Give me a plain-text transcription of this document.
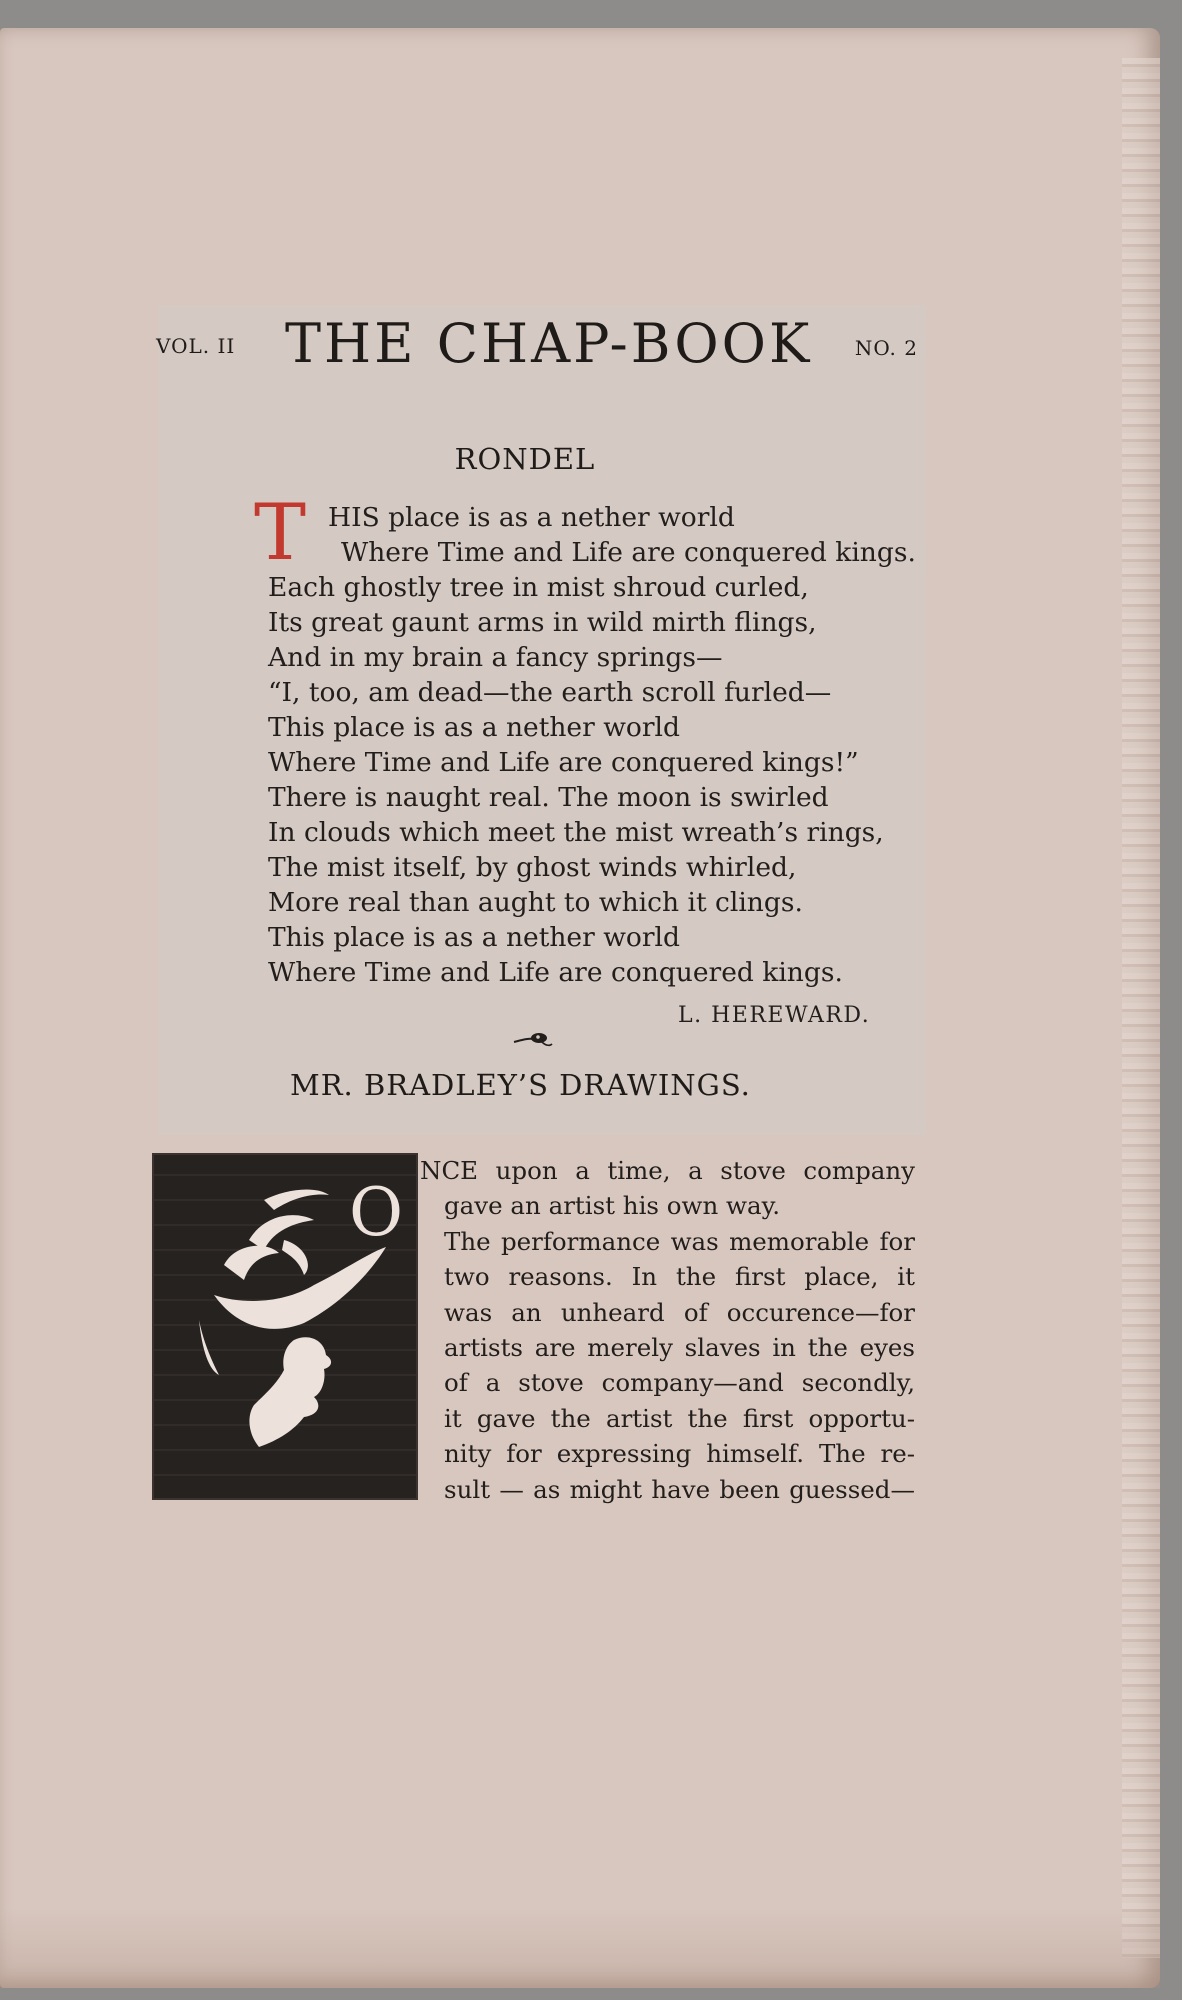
VOL. II THE CHAP-BOOK NO. 2
RONDEL
T HIS place is as a nether world
Where Time and Life are conquered kings.
Each ghostly tree in mist shroud curled,
Its great gaunt arms in wild mirth flings,
And in my brain a fancy springs—
“I, too, am dead—the earth scroll furled—
This place is as a nether world
Where Time and Life are conquered kings!”
There is naught real. The moon is swirled
In clouds which meet the mist wreath’s rings,
The mist itself, by ghost winds whirled,
More real than aught to which it clings.
This place is as a nether world
Where Time and Life are conquered kings.
L. HEREWARD.
MR. BRADLEY’S DRAWINGS.
O
NCE upon a time, a stove company
gave an artist his own way.
The performance was memorable for
two reasons. In the first place, it
was an unheard of occurence—for
artists are merely slaves in the eyes
of a stove company—and secondly,
it gave the artist the first opportu-
nity for expressing himself. The re-
sult — as might have been guessed—
